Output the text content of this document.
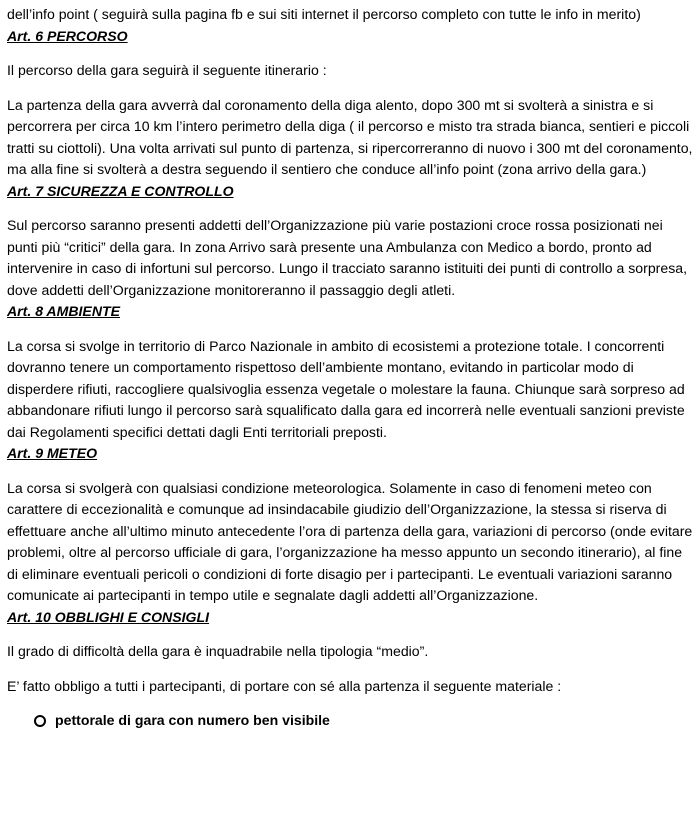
dell’info point ( seguirà sulla pagina fb e sui siti internet il percorso completo con tutte le info in merito)

Art. 6 PERCORSO

Il percorso della gara seguirà il seguente itinerario :

La partenza della gara avverrà dal coronamento della diga alento, dopo 300 mt si svolterà a sinistra e si percorrera per circa 10 km l’intero perimetro della diga ( il percorso e misto tra strada bianca, sentieri e piccoli tratti su ciottoli). Una volta arrivati sul punto di partenza, si ripercorreranno di nuovo i 300 mt del coronamento, ma alla fine si svolterà a destra seguendo il sentiero che conduce all’info point (zona arrivo della gara.)

Art. 7 SICUREZZA E CONTROLLO

Sul percorso saranno presenti addetti dell’Organizzazione più varie postazioni croce rossa posizionati nei punti più “critici” della gara. In zona Arrivo sarà presente una Ambulanza con Medico a bordo, pronto ad intervenire in caso di infortuni sul percorso. Lungo il tracciato saranno istituiti dei punti di controllo a sorpresa, dove addetti dell’Organizzazione monitoreranno il passaggio degli atleti.

Art. 8 AMBIENTE

La corsa si svolge in territorio di Parco Nazionale in ambito di ecosistemi a protezione totale. I concorrenti dovranno tenere un comportamento rispettoso dell’ambiente montano, evitando in particolar modo di disperdere rifiuti, raccogliere qualsivoglia essenza vegetale o molestare la fauna. Chiunque sarà sorpreso ad abbandonare rifiuti lungo il percorso sarà squalificato dalla gara ed incorrerà nelle eventuali sanzioni previste dai Regolamenti specifici dettati dagli Enti territoriali preposti.

Art. 9 METEO

La corsa si svolgerà con qualsiasi condizione meteorologica. Solamente in caso di fenomeni meteo con carattere di eccezionalità e comunque ad insindacabile giudizio dell’Organizzazione, la stessa si riserva di effettuare anche all’ultimo minuto antecedente l’ora di partenza della gara, variazioni di percorso (onde evitare problemi, oltre al percorso ufficiale di gara, l’organizzazione ha messo appunto un secondo itinerario), al fine di eliminare eventuali pericoli o condizioni di forte disagio per i partecipanti. Le eventuali variazioni saranno comunicate ai partecipanti in tempo utile e segnalate dagli addetti all’Organizzazione.

Art. 10 OBBLIGHI E CONSIGLI

Il grado di difficoltà della gara è inquadrabile nella tipologia “medio”.

E’ fatto obbligo a tutti i partecipanti, di portare con sé alla partenza il seguente materiale :

pettorale di gara con numero ben visibile
